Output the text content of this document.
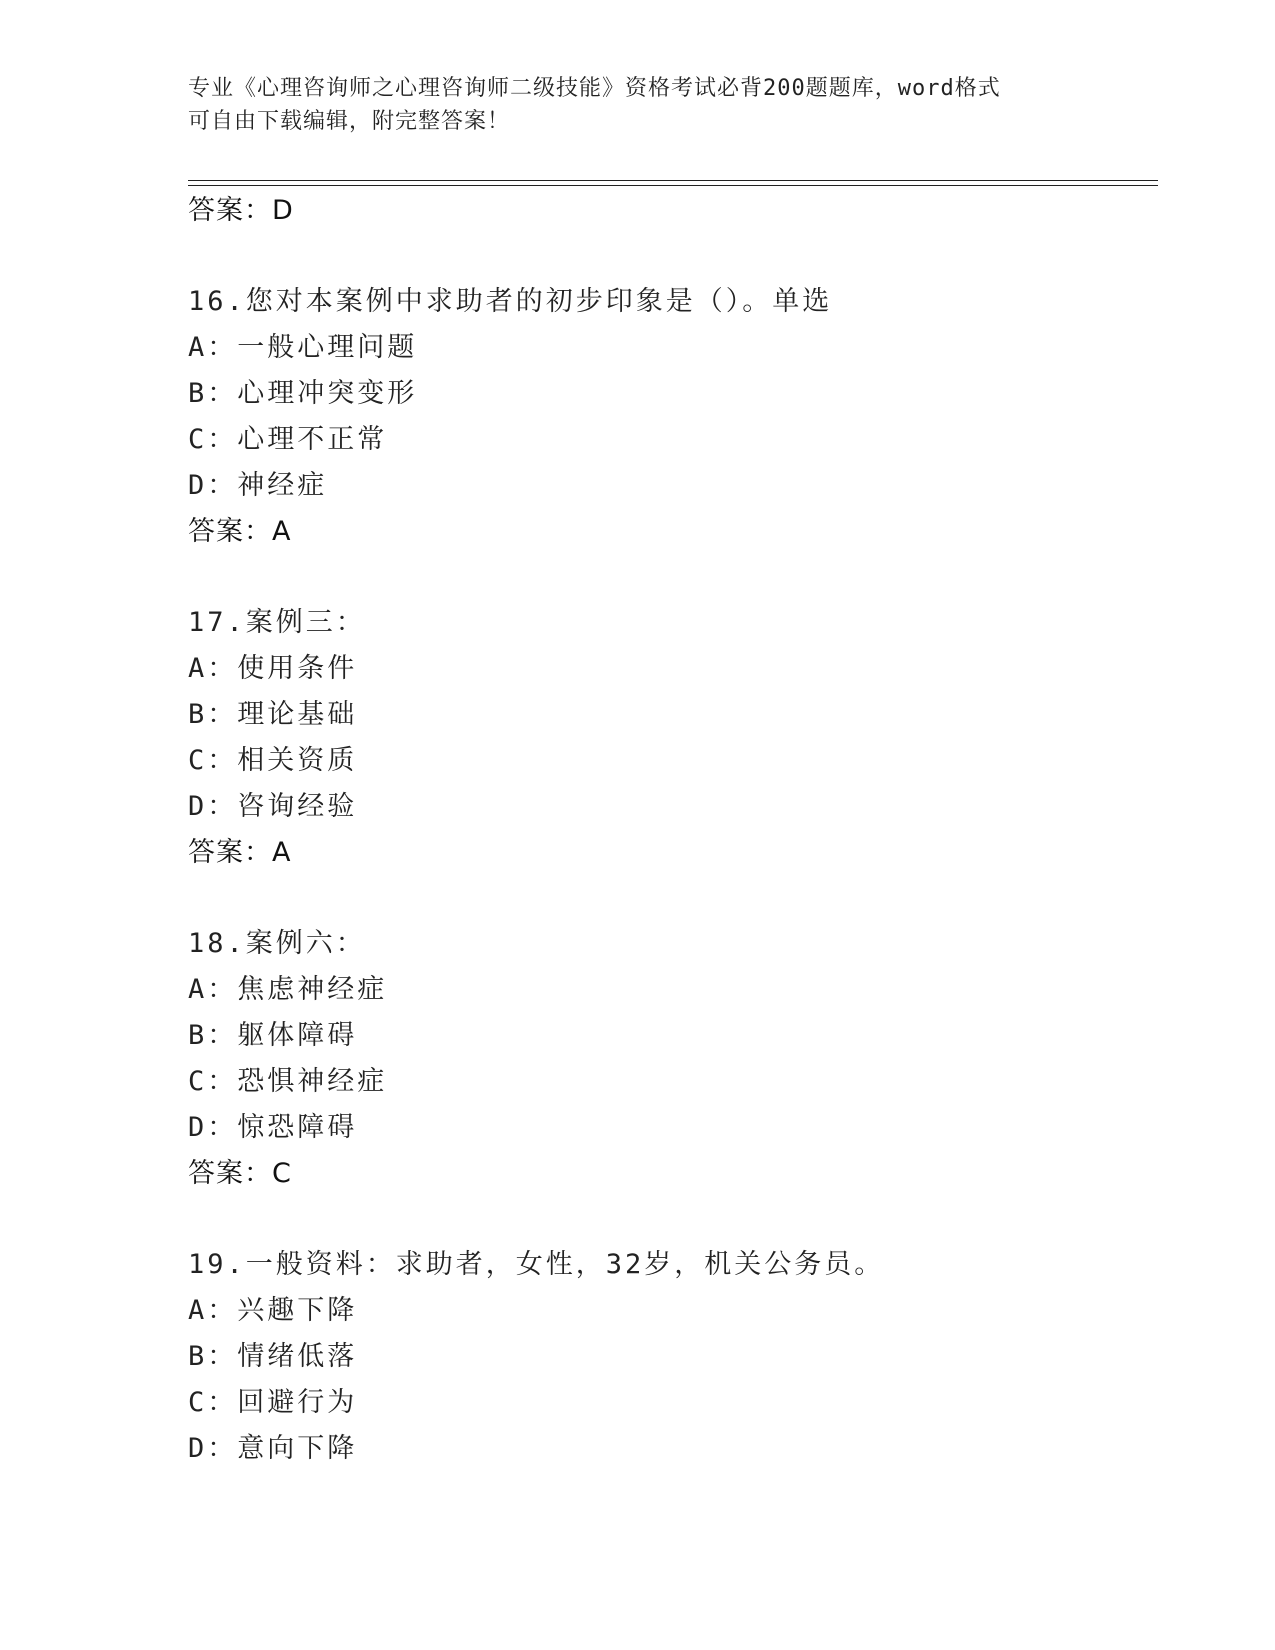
专业《心理咨询师之心理咨询师二级技能》资格考试必背200题题库，word格式
可自由下载编辑，附完整答案！
答案：D
16.您对本案例中求助者的初步印象是（）。单选
A：一般心理问题
B：心理冲突变形
C：心理不正常
D：神经症
答案：A
17.案例三：
A：使用条件
B：理论基础
C：相关资质
D：咨询经验
答案：A
18.案例六：
A：焦虑神经症
B：躯体障碍
C：恐惧神经症
D：惊恐障碍
答案：C
19.一般资料：求助者，女性，32岁，机关公务员。
A：兴趣下降
B：情绪低落
C：回避行为
D：意向下降
